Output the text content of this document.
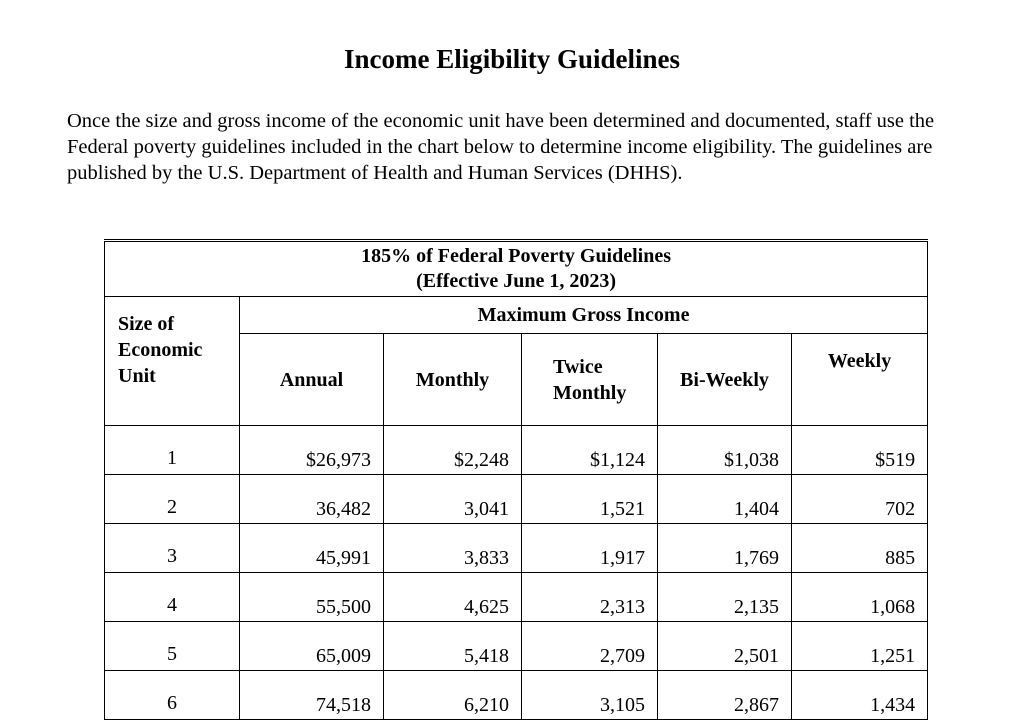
Income Eligibility Guidelines
Once the size and gross income of the economic unit have been determined and documented, staff use the Federal poverty guidelines included in the chart below to determine income eligibility. The guidelines are published by the U.S. Department of Health and Human Services (DHHS).
185% of Federal Poverty Guidelines
(Effective June 1, 2023)					

Size of Economic Unit	Maximum Gross Income				
	Annual	Monthly	Twice Monthly	Bi-Weekly	Weekly
1	$26,973	$2,248	$1,124	$1,038	$519
2	36,482	3,041	1,521	1,404	702
3	45,991	3,833	1,917	1,769	885
4	55,500	4,625	2,313	2,135	1,068
5	65,009	5,418	2,709	2,501	1,251
6	74,518	6,210	3,105	2,867	1,434
